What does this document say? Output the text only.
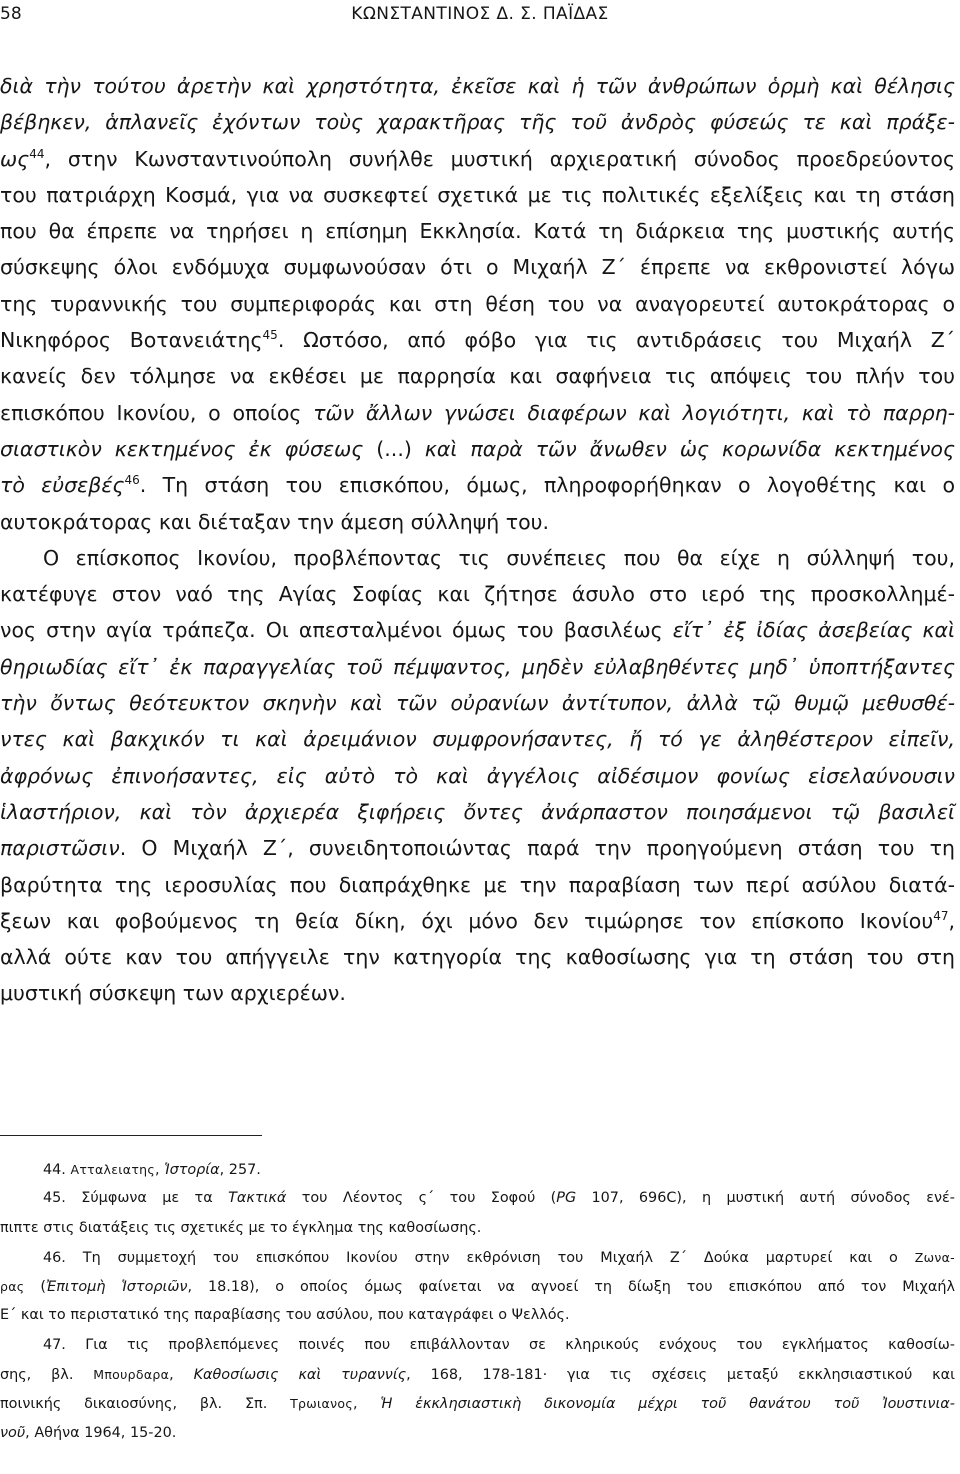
58	ΚΩΝΣΤΑΝΤΙΝΟΣ Δ. Σ. ΠΑΪΔΑΣ
διὰ τὴν τούτου ἀρετὴν καὶ χρηστότητα, ἐκεῖσε καὶ ἡ τῶν ἀνθρώπων ὁρμὴ καὶ θέλησις
βέβηκεν, ἁπλανεῖς ἐχόντων τοὺς χαρακτῆρας τῆς τοῦ ἀνδρὸς φύσεώς τε καὶ πράξε-
$\omega\varsigma^{44}$, στην Κωνσταντινούπολη συνήλθε μυστική αρχιερατική σύνοδος προεδρεύοντος
του πατριάρχη Κοσμά, για να συσκεφτεί σχετικά με τις πολιτικές εξελίξεις και τη στάση
που θα έπρεπε να τηρήσει η επίσημη Εκκλησία. Κατά τη διάρκεια της μυστικής αυτής
σύσκεψης όλοι ενδόμυχα συμφωνούσαν ότι ο Μιχαήλ Ζ΄ έπρεπε να εκθρονιστεί λόγω
της τυραννικής του συμπεριφοράς και στη θέση του να αναγορευτεί αυτοκράτορας ο
Νικηφόρος Βοτανειάτης$^{45}$. Ωστόσο, από φόβο για τις αντιδράσεις του Μιχαήλ Ζ΄
κανείς δεν τόλμησε να εκθέσει με παρρησία και σαφήνεια τις απόψεις του πλήν του
επισκόπου Ικονίου, ο οποίος τῶν ἄλλων γνώσει διαφέρων καὶ λογιότητι, καὶ τὸ παρρη-
σιαστικὸν κεκτημένος ἐκ φύσεως (...) καὶ παρὰ τῶν ἄνωθεν ὡς κορωνίδα κεκτημένος
τὸ εὐσεβές$^{46}$. Τη στάση του επισκόπου, όμως, πληροφορήθηκαν ο λογοθέτης και ο
αυτοκράτορας και διέταξαν την άμεση σύλληψή του.
Ο επίσκοπος Ικονίου, προβλέποντας τις συνέπειες που θα είχε η σύλληψή του,
κατέφυγε στον ναό της Αγίας Σοφίας και ζήτησε άσυλο στο ιερό της προσκολλημέ-
νος στην αγία τράπεζα. Οι απεσταλμένοι όμως του βασιλέως εἴτ᾽ ἐξ ἰδίας ἀσεβείας καὶ
θηριωδίας εἴτ᾽ ἐκ παραγγελίας τοῦ πέμψαντος, μηδὲν εὐλαβηθέντες μηδ᾽ ὑποπτήξαντες
τὴν ὄντως θεότευκτον σκηνὴν καὶ τῶν οὐρανίων ἀντίτυπον, ἀλλὰ τῷ θυμῷ μεθυσθέ-
ντες καὶ βακχικόν τι καὶ ἀρειμάνιον συμφρονήσαντες, ἤ τό γε ἀληθέστερον εἰπεῖν,
ἀφρόνως ἐπινοήσαντες, εἰς αὐτὸ τὸ καὶ ἀγγέλοις αἰδέσιμον φονίως εἰσελαύνουσιν
ἱλαστήριον, καὶ τὸν ἀρχιερέα ξιφήρεις ὄντες ἀνάρπαστον ποιησάμενοι τῷ βασιλεῖ
παριστῶσιν. Ο Μιχαήλ Ζ΄, συνειδητοποιώντας παρά την προηγούμενη στάση του τη
βαρύτητα της ιεροσυλίας που διαπράχθηκε με την παραβίαση των περί ασύλου διατά-
ξεων και φοβούμενος τη θεία δίκη, όχι μόνο δεν τιμώρησε τον επίσκοπο Ικονίου$^{47}$,
αλλά ούτε καν του απήγγειλε την κατηγορία της καθοσίωσης για τη στάση του στη
μυστική σύσκεψη των αρχιερέων.
44. Ατταλειατης, Ἱστορία, 257.
45. Σύμφωνα με τα Τακτικά του Λέοντος ς΄ του Σοφού (PG 107, 696C), η μυστική αυτή σύνοδος ενέ-
πιπτε στις διατάξεις τις σχετικές με το έγκλημα της καθοσίωσης.
46. Τη συμμετοχή του επισκόπου Ικονίου στην εκθρόνιση του Μιχαήλ Ζ΄ Δούκα μαρτυρεί και ο Ζωνα-
ρας (Ἐπιτομὴ Ἱστοριῶν, 18.18), ο οποίος όμως φαίνεται να αγνοεί τη δίωξη του επισκόπου από τον Μιχαήλ
Ε΄ και το περιστατικό της παραβίασης του ασύλου, που καταγράφει ο Ψελλός.
47. Για τις προβλεπόμενες ποινές που επιβάλλονταν σε κληρικούς ενόχους του εγκλήματος καθοσίω-
σης, βλ. Μπουρδαρα, Καθοσίωσις καὶ τυραννίς, 168, 178-181· για τις σχέσεις μεταξύ εκκλησιαστικού και
ποινικής δικαιοσύνης, βλ. Σπ. Τρωιανος, Ἡ ἐκκλησιαστικὴ δικονομία μέχρι τοῦ θανάτου τοῦ Ἰουστινια-
νοῦ, Αθήνα 1964, 15-20.
